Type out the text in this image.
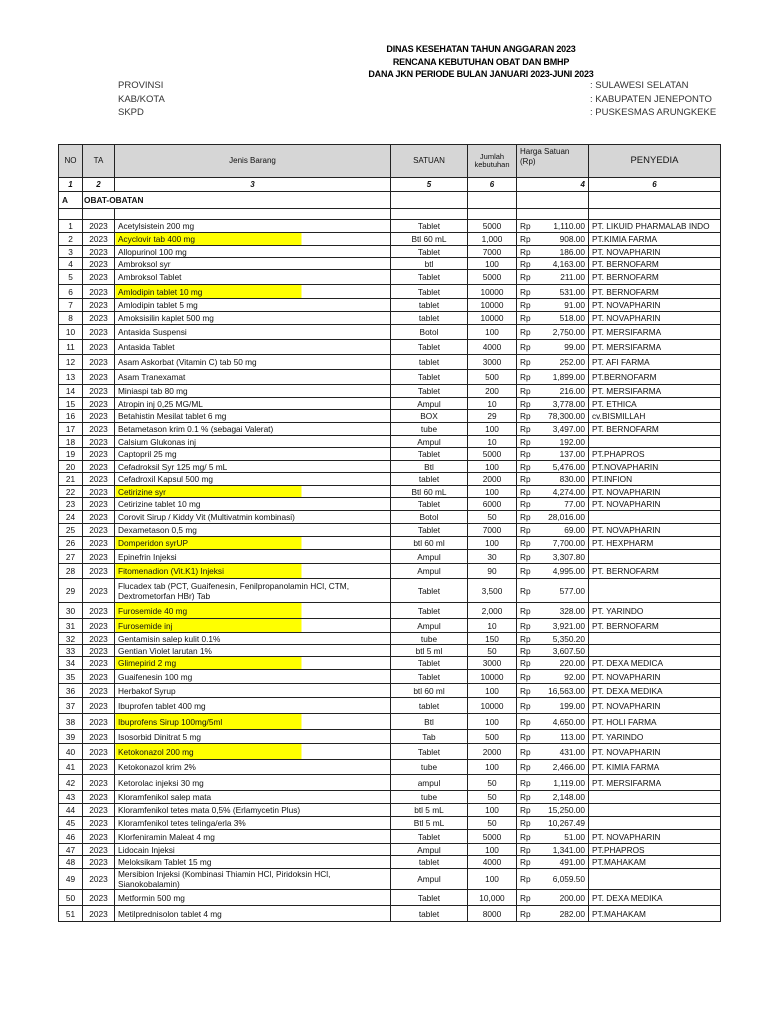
DINAS KESEHATAN TAHUN ANGGARAN 2023
RENCANA KEBUTUHAN OBAT DAN BMHP
DANA JKN PERIODE BULAN JANUARI 2023-JUNI 2023
PROVINSI	: SULAWESI SELATAN
KAB/KOTA	: KABUPATEN JENEPONTO
SKPD	: PUSKESMAS ARUNGKEKE
NO	TA	Jenis Barang	SATUAN	Jumlah kebutuhan	Harga Satuan (Rp)		PENYEDIA
1	2	3	5	6	4		6
A	OBAT-OBATAN						

1	2023	Acetylsistein 200 mg	Tablet	5000	Rp	1,110.00	PT. LIKUID PHARMALAB INDO
2	2023	Acyclovir tab 400 mg	Btl 60 mL	1,000	Rp	908.00	PT.KIMIA FARMA
3	2023	Allopurinol 100 mg	Tablet	7000	Rp	186.00	PT. NOVAPHARIN
4	2023	Ambroksol syr	btl	100	Rp	4,163.00	PT. BERNOFARM
5	2023	Ambroksol Tablet	Tablet	5000	Rp	211.00	PT. BERNOFARM
6	2023	Amlodipin tablet 10 mg	Tablet	10000	Rp	531.00	PT. BERNOFARM
7	2023	Amlodipin tablet 5 mg	tablet	10000	Rp	91.00	PT. NOVAPHARIN
8	2023	Amoksisilin kaplet 500 mg	tablet	10000	Rp	518.00	PT. NOVAPHARIN
10	2023	Antasida Suspensi	Botol	100	Rp	2,750.00	PT. MERSIFARMA
11	2023	Antasida Tablet	Tablet	4000	Rp	99.00	PT. MERSIFARMA
12	2023	Asam Askorbat (Vitamin C) tab 50 mg	tablet	3000	Rp	252.00	PT. AFI FARMA
13	2023	Asam Tranexamat	Tablet	500	Rp	1,899.00	PT.BERNOFARM
14	2023	Miniaspi tab 80 mg	Tablet	200	Rp	216.00	PT. MERSIFARMA
15	2023	Atropin inj 0,25 MG/ML	Ampul	10	Rp	3,778.00	PT. ETHICA
16	2023	Betahistin Mesilat tablet 6 mg	BOX	29	Rp	78,300.00	cv.BISMILLAH
17	2023	Betametason krim 0.1 % (sebagai Valerat)	tube	100	Rp	3,497.00	PT. BERNOFARM
18	2023	Calsium Glukonas inj	Ampul	10	Rp	192.00	
19	2023	Captopril 25 mg	Tablet	5000	Rp	137.00	PT.PHAPROS
20	2023	Cefadroksil Syr 125 mg/ 5 mL	Btl	100	Rp	5,476.00	PT.NOVAPHARIN
21	2023	Cefadroxil Kapsul 500 mg	tablet	2000	Rp	830.00	PT.INFION
22	2023	Cetirizine syr	Btl 60 mL	100	Rp	4,274.00	PT. NOVAPHARIN
23	2023	Cetirizine tablet 10 mg	Tablet	6000	Rp	77.00	PT. NOVAPHARIN
24	2023	Corovit Sirup / Kiddy Vit (Multivatmin kombinasi)	Botol	50	Rp	28,016.00	
25	2023	Dexametason 0,5 mg	Tablet	7000	Rp	69.00	PT. NOVAPHARIN
26	2023	Domperidon syrUP	btl 60 ml	100	Rp	7,700.00	PT. HEXPHARM
27	2023	Epinefrin Injeksi	Ampul	30	Rp	3,307.80	
28	2023	Fitomenadion (Vit.K1) Injeksi	Ampul	90	Rp	4,995.00	PT. BERNOFARM
29	2023	Flucadex tab (PCT, Guaifenesin, Fenilpropanolamin HCl, CTM, Dextrometorfan HBr) Tab	Tablet	3,500	Rp	577.00	
30	2023	Furosemide 40 mg	Tablet	2,000	Rp	328.00	PT. YARINDO
31	2023	Furosemide inj	Ampul	10	Rp	3,921.00	PT. BERNOFARM
32	2023	Gentamisin salep kulit 0.1%	tube	150	Rp	5,350.20	
33	2023	Gentian Violet larutan 1%	btl 5 ml	50	Rp	3,607.50	
34	2023	Glimepirid 2 mg	Tablet	3000	Rp	220.00	PT. DEXA MEDICA
35	2023	Guaifenesin 100 mg	Tablet	10000	Rp	92.00	PT. NOVAPHARIN
36	2023	Herbakof Syrup	btl 60 ml	100	Rp	16,563.00	PT. DEXA MEDIKA
37	2023	Ibuprofen tablet 400 mg	tablet	10000	Rp	199.00	PT. NOVAPHARIN
38	2023	Ibuprofens Sirup 100mg/5ml	Btl	100	Rp	4,650.00	PT. HOLI FARMA
39	2023	Isosorbid Dinitrat 5 mg	Tab	500	Rp	113.00	PT. YARINDO
40	2023	Ketokonazol 200 mg	Tablet	2000	Rp	431.00	PT. NOVAPHARIN
41	2023	Ketokonazol krim 2%	tube	100	Rp	2,466.00	PT. KIMIA FARMA
42	2023	Ketorolac injeksi 30 mg	ampul	50	Rp	1,119.00	PT. MERSIFARMA
43	2023	Kloramfenikol salep mata	tube	50	Rp	2,148.00	
44	2023	Kloramfenikol tetes mata 0,5% (Erlamycetin Plus)	btl 5 mL	100	Rp	15,250.00	
45	2023	Kloramfenikol tetes telinga/erla 3%	Btl 5 mL	50	Rp	10,267.49	
46	2023	Klorfeniramin Maleat 4 mg	Tablet	5000	Rp	51.00	PT. NOVAPHARIN
47	2023	Lidocain Injeksi	Ampul	100	Rp	1,341.00	PT.PHAPROS
48	2023	Meloksikam Tablet 15 mg	tablet	4000	Rp	491.00	PT.MAHAKAM
49	2023	Mersibion Injeksi (Kombinasi Thiamin HCl, Piridoksin HCl, Sianokobalamin)	Ampul	100	Rp	6,059.50	
50	2023	Metformin 500 mg	Tablet	10,000	Rp	200.00	PT. DEXA MEDIKA
51	2023	Metilprednisolon tablet 4 mg	tablet	8000	Rp	282.00	PT.MAHAKAM
